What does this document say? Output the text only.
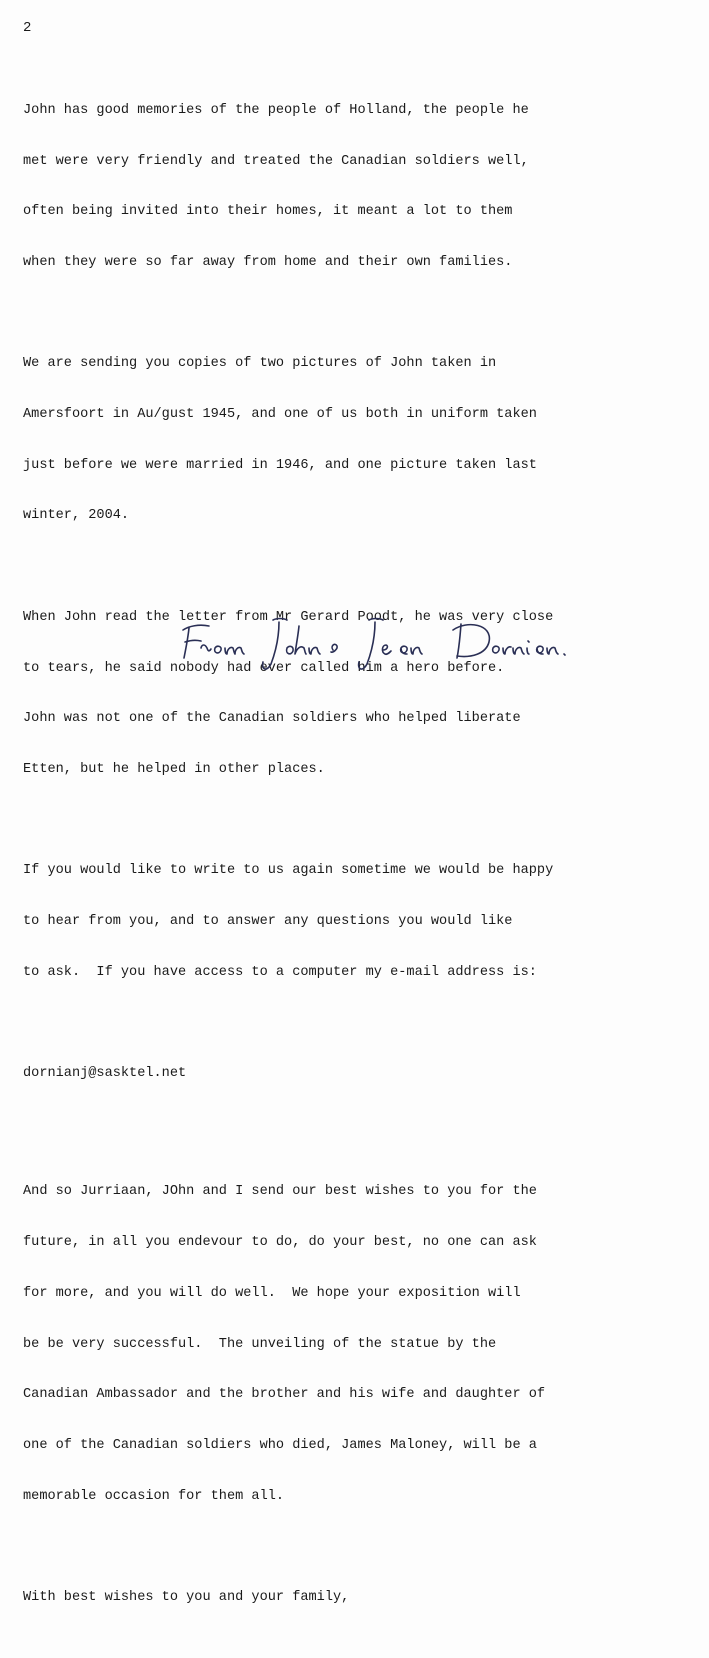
2

John has good memories of the people of Holland, the people he

met were very friendly and treated the Canadian soldiers well,

often being invited into their homes, it meant a lot to them

when they were so far away from home and their own families.

We are sending you copies of two pictures of John taken in

Amersfoort in Au/gust 1945, and one of us both in uniform taken

just before we were married in 1946, and one picture taken last

winter, 2004.

When John read the letter from Mr Gerard Poodt, he was very close

to tears, he said nobody had ever called him a hero before.

John was not one of the Canadian soldiers who helped liberate

Etten, but he helped in other places.

If you would like to write to us again sometime we would be happy

to hear from you, and to answer any questions you would like

to ask.  If you have access to a computer my e-mail address is:

dornianj@sasktel.net

And so Jurriaan, JOhn and I send our best wishes to you for the

future, in all you endevour to do, do your best, no one can ask

for more, and you will do well.  We hope your exposition will

be be very successful.  The unveiling of the statue by the

Canadian Ambassador and the brother and his wife and daughter of

one of the Canadian soldiers who died, James Maloney, will be a

memorable occasion for them all.

With best wishes to you and your family,
